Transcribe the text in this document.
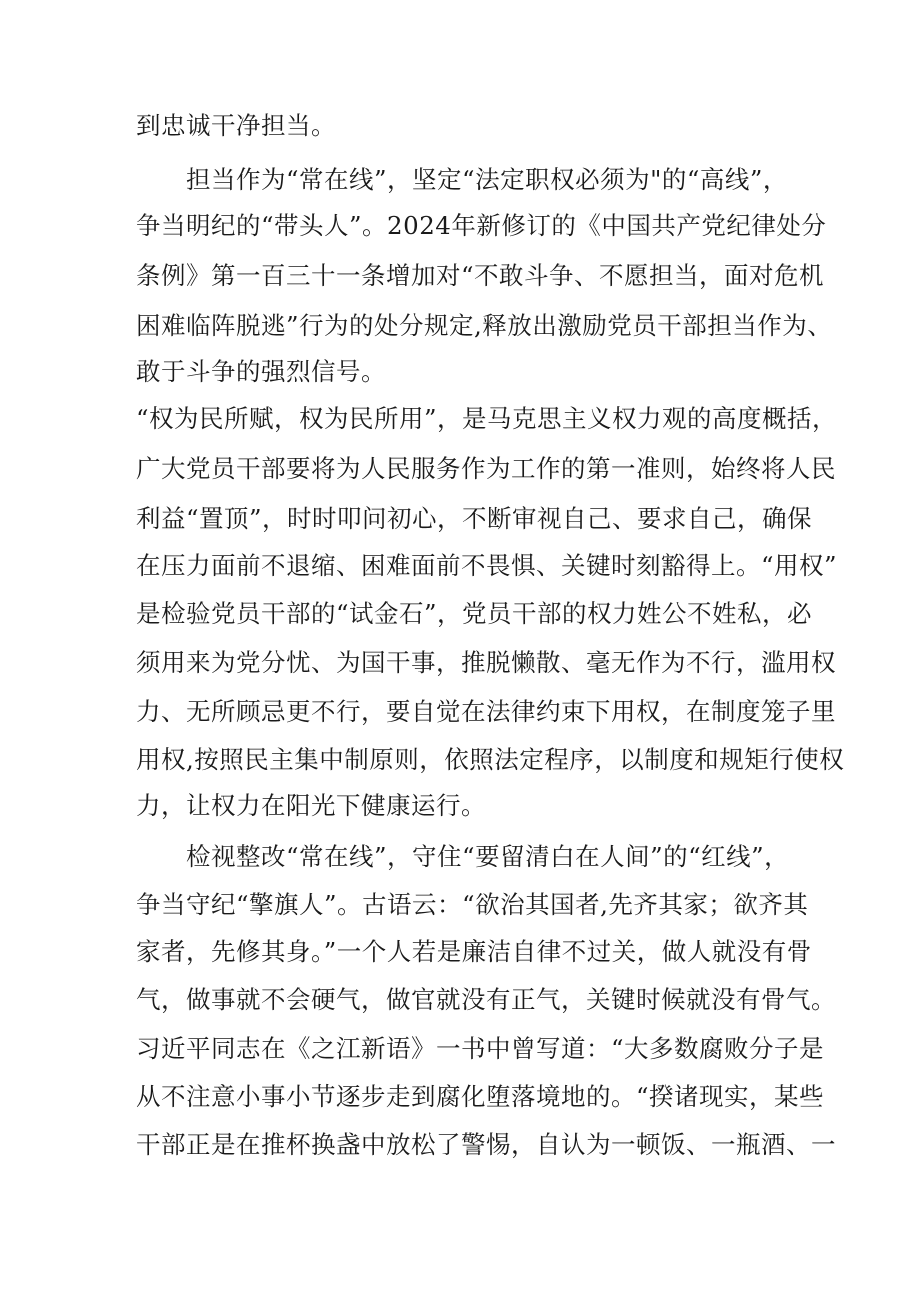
到忠诚干净担当。
担当作为“常在线”，坚定“法定职权必须为"的“高线”，
争当明纪的“带头人”。2024年新修订的《中国共产党纪律处分
条例》第一百三十一条增加对“不敢斗争、不愿担当，面对危机
困难临阵脱逃”行为的处分规定,释放出激励党员干部担当作为、
敢于斗争的强烈信号。
“权为民所赋，权为民所用”，是马克思主义权力观的高度概括，
广大党员干部要将为人民服务作为工作的第一准则，始终将人民
利益“置顶”，时时叩问初心，不断审视自己、要求自己，确保
在压力面前不退缩、困难面前不畏惧、关键时刻豁得上。“用权”
是检验党员干部的“试金石”，党员干部的权力姓公不姓私，必
须用来为党分忧、为国干事，推脱懒散、毫无作为不行，滥用权
力、无所顾忌更不行，要自觉在法律约束下用权，在制度笼子里
用权,按照民主集中制原则，依照法定程序，以制度和规矩行使权
力，让权力在阳光下健康运行。
检视整改“常在线”，守住“要留清白在人间”的“红线”，
争当守纪“擎旗人”。古语云：“欲治其国者,先齐其家；欲齐其
家者，先修其身。”一个人若是廉洁自律不过关，做人就没有骨
气，做事就不会硬气，做官就没有正气，关键时候就没有骨气。
习近平同志在《之江新语》一书中曾写道：“大多数腐败分子是
从不注意小事小节逐步走到腐化堕落境地的。“揆诸现实，某些
干部正是在推杯换盏中放松了警惕，自认为一顿饭、一瓶酒、一
